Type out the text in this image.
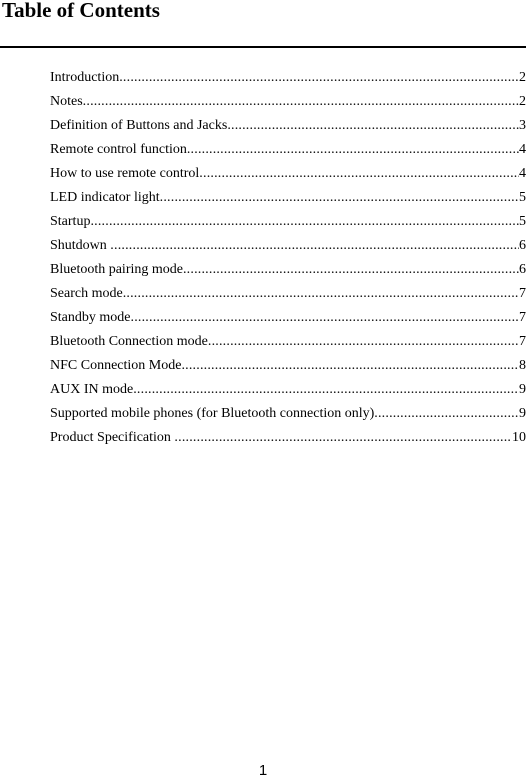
Table of Contents
Introduction .....	2
Notes .....	2
Definition of Buttons and Jacks .....	3
Remote control function .....	4
How to use remote control .....	4
LED indicator light .....	5
Startup .....	5
Shutdown .....	6
Bluetooth pairing mode .....	6
Search mode .....	7
Standby mode .....	7
Bluetooth Connection mode .....	7
NFC Connection Mode .....	8
AUX IN mode .....	9
Supported mobile phones (for Bluetooth connection only) .....	9
Product Specification .....	10
1
